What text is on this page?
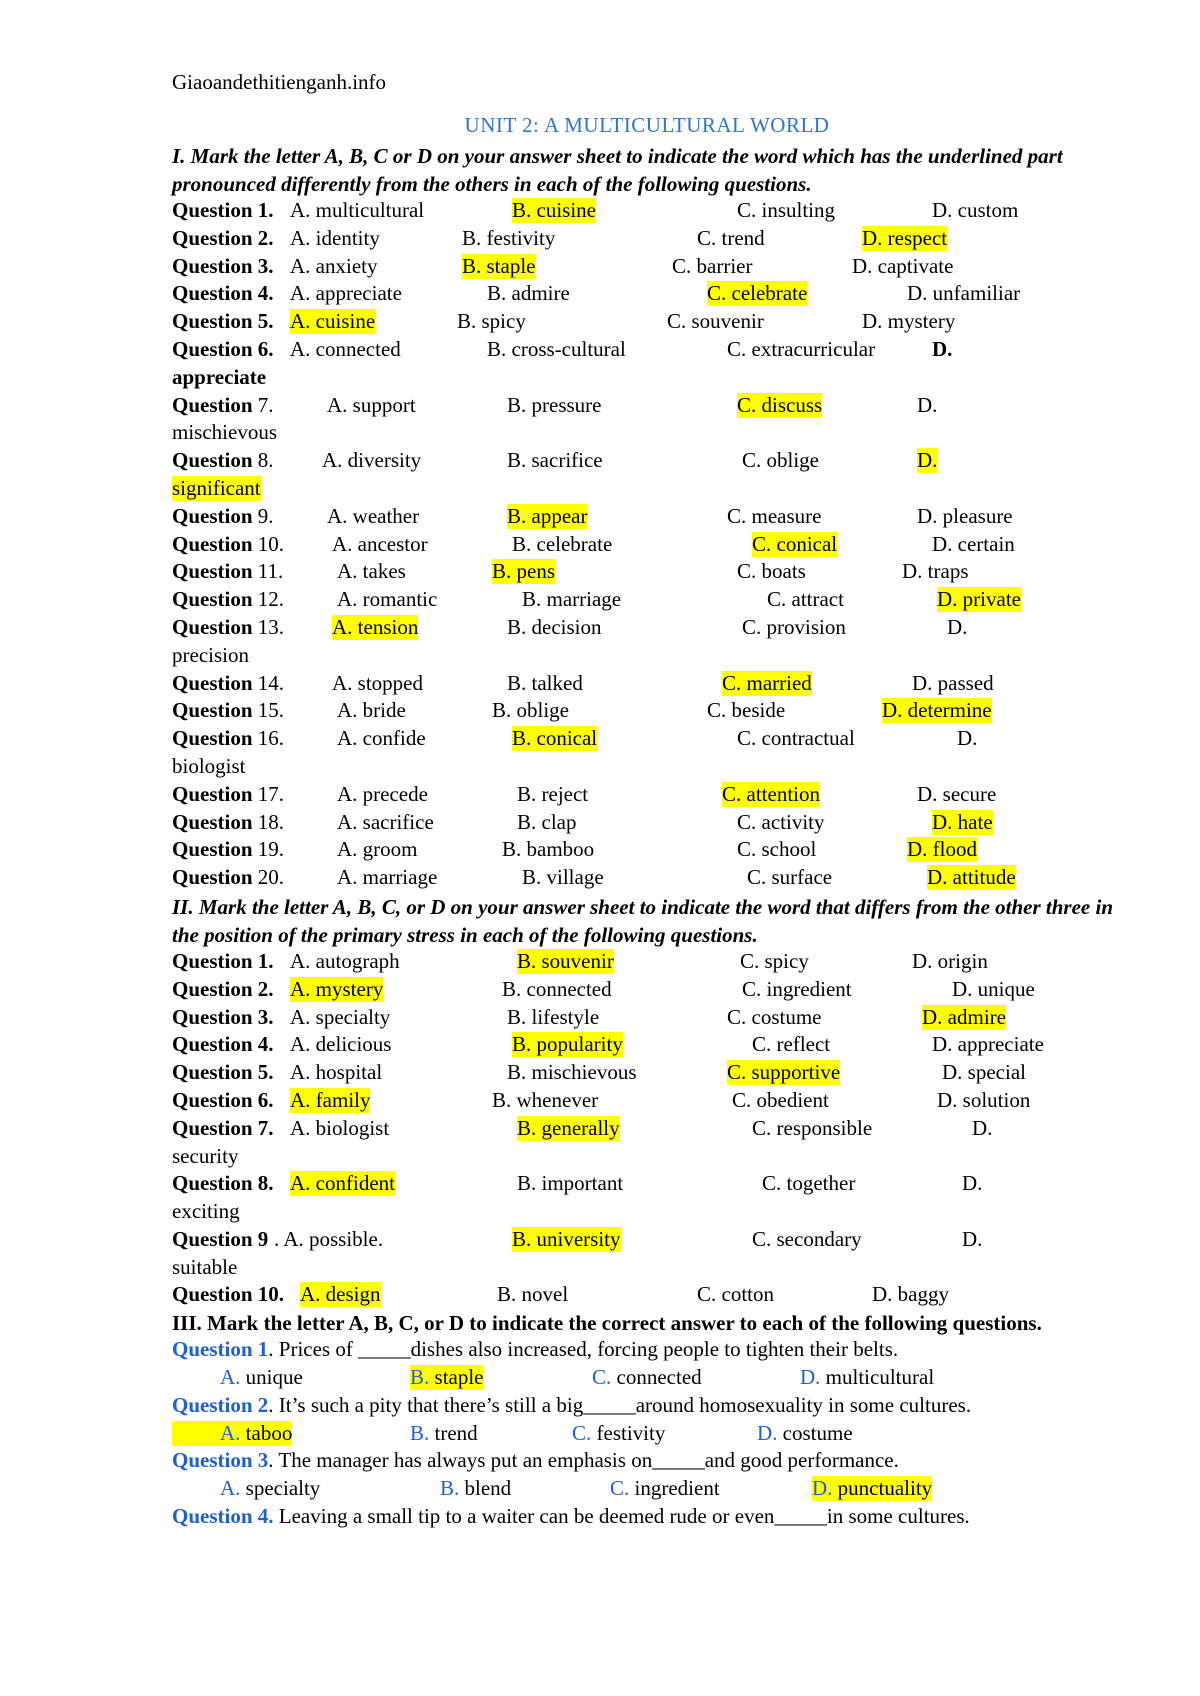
Giaoandethitienganh.info
UNIT 2: A MULTICULTURAL WORLD
I. Mark the letter A, B, C or D on your answer sheet to indicate the word which has the underlined part pronounced differently from the others in each of the following questions.
Question 1. A. multicultural	B. cuisine	C. insulting	D. custom
Question 2. A. identity	B. festivity	C. trend	D. respect
Question 3. A. anxiety	B. staple	C. barrier	D. captivate
Question 4. A. appreciate	B. admire	C. celebrate	D. unfamiliar
Question 5. A. cuisine	B. spicy	C. souvenir	D. mystery
Question 6. A. connected	B. cross-cultural	C. extracurricular	D.
appreciate
Question 7.	A. support	B. pressure	C. discuss	D.
mischievous
Question 8. A. diversity	B. sacrifice	C. oblige	D.
significant
Question 9.	A. weather	B. appear	C. measure	D. pleasure
Question 10. A. ancestor	B. celebrate	C. conical	D. certain
Question 11.	A. takes	B. pens	C. boats	D. traps
Question 12.	A. romantic	B. marriage	C. attract	D. private
Question 13. A. tension	B. decision	C. provision	D.
precision
Question 14. A. stopped	B. talked	C. married	D. passed
Question 15.	A. bride	B. oblige	C. beside	D. determine
Question 16.	A. confide	B. conical	C. contractual	D.
biologist
Question 17.	A. precede	B. reject	C. attention	D. secure
Question 18.	A. sacrifice	B. clap	C. activity	D. hate
Question 19.	A. groom	B. bamboo	C. school	D. flood
Question 20.	A. marriage	B. village	C. surface	D. attitude
II. Mark the letter A, B, C, or D on your answer sheet to indicate the word that differs from the other three in the position of the primary stress in each of the following questions.
Question 1. A. autograph	B. souvenir	C. spicy	D. origin
Question 2. A. mystery	B. connected	C. ingredient	D. unique
Question 3. A. specialty	B. lifestyle	C. costume	D. admire
Question 4. A. delicious	B. popularity	C. reflect	D. appreciate
Question 5. A. hospital	B. mischievous	C. supportive	D. special
Question 6. A. family	B. whenever	C. obedient	D. solution
Question 7. A. biologist	B. generally	C. responsible	D.
security
Question 8. A. confident	B. important	C. together	D.
exciting
Question 9 . A. possible.	B. university	C. secondary	D.
suitable
Question 10. A. design	B. novel	C. cotton	D. baggy
III. Mark the letter A, B, C, or D to indicate the correct answer to each of the following questions.
Question 1. Prices of _____dishes also increased, forcing people to tighten their belts.
A. unique	B. staple	C. connected	D. multicultural
Question 2. It’s such a pity that there’s still a big_____around homosexuality in some cultures.
A. taboo	B. trend	C. festivity	D. costume
Question 3. The manager has always put an emphasis on_____and good performance.
A. specialty	B. blend	C. ingredient	D. punctuality
Question 4. Leaving a small tip to a waiter can be deemed rude or even_____in some cultures.
